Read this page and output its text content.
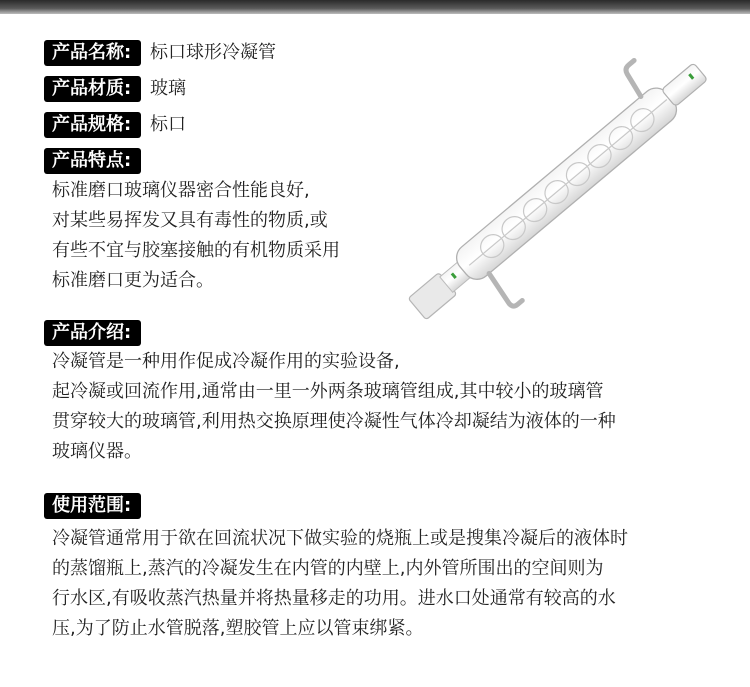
产品名称:	标口球形冷凝管
产品材质:	玻璃
产品规格:	标口
产品特点:
标准磨口玻璃仪器密合性能良好,
对某些易挥发又具有毒性的物质,或
有些不宜与胶塞接触的有机物质采用
标准磨口更为适合。
产品介绍:
冷凝管是一种用作促成冷凝作用的实验设备,
起冷凝或回流作用,通常由一里一外两条玻璃管组成,其中较小的玻璃管
贯穿较大的玻璃管,利用热交换原理使冷凝性气体冷却凝结为液体的一种
玻璃仪器。
使用范围:
冷凝管通常用于欲在回流状况下做实验的烧瓶上或是搜集冷凝后的液体时
的蒸馏瓶上,蒸汽的冷凝发生在内管的内壁上,内外管所围出的空间则为
行水区,有吸收蒸汽热量并将热量移走的功用。进水口处通常有较高的水
压,为了防止水管脱落,塑胶管上应以管束绑紧。
